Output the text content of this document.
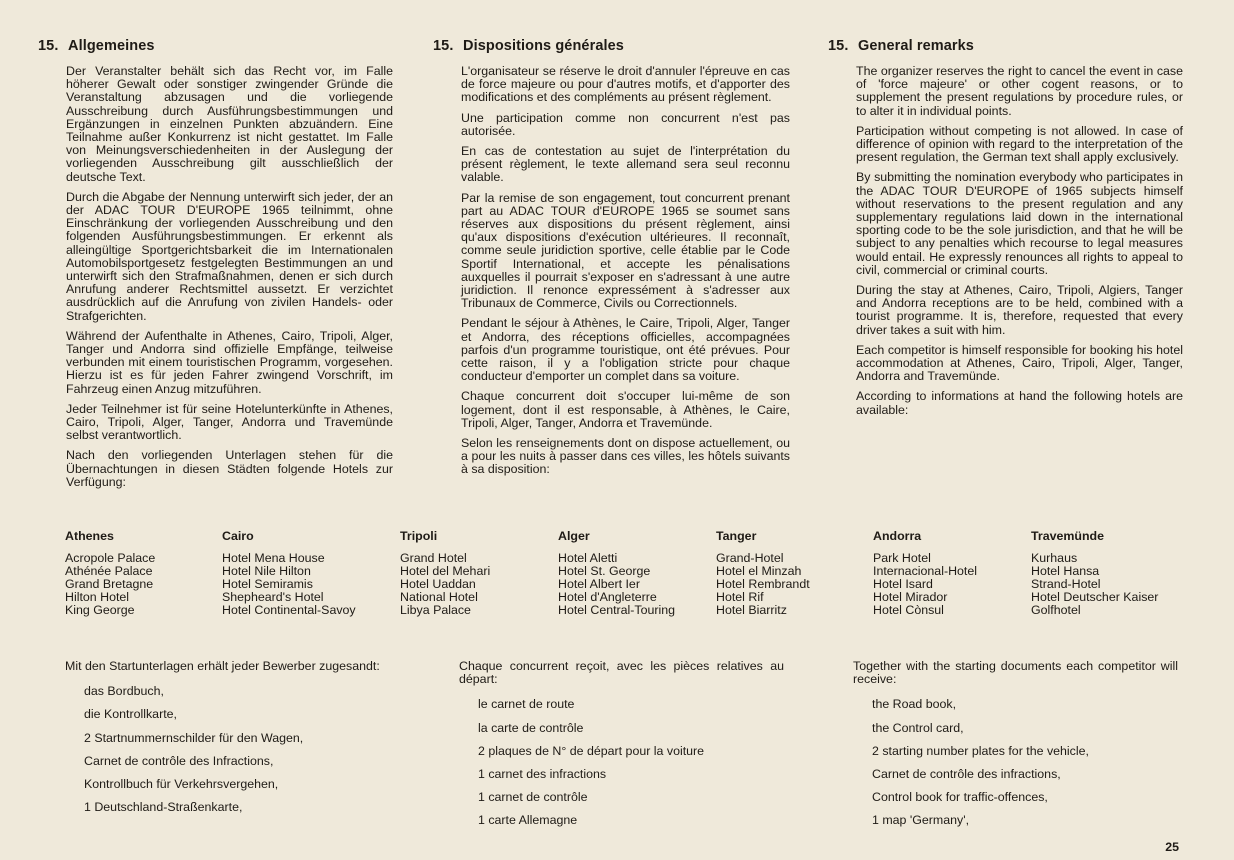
15. Allgemeines

Der Veranstalter behält sich das Recht vor, im Falle höherer Gewalt oder sonstiger zwingender Gründe die Veranstaltung abzusagen und die vorliegende Ausschreibung durch Ausführungsbestimmungen und Ergänzungen in einzelnen Punkten abzuändern. Eine Teilnahme außer Konkurrenz ist nicht gestattet. Im Falle von Meinungsverschiedenheiten in der Auslegung der vorliegenden Ausschreibung gilt ausschließlich der deutsche Text.

Durch die Abgabe der Nennung unterwirft sich jeder, der an der ADAC TOUR D'EUROPE 1965 teilnimmt, ohne Einschränkung der vorliegenden Ausschreibung und den folgenden Ausführungsbestimmungen. Er erkennt als alleingültige Sportgerichtsbarkeit die im Internationalen Automobilsportgesetz festgelegten Bestimmungen an und unterwirft sich den Strafmaßnahmen, denen er sich durch Anrufung anderer Rechtsmittel aussetzt. Er verzichtet ausdrücklich auf die Anrufung von zivilen Handels- oder Strafgerichten.

Während der Aufenthalte in Athenes, Cairo, Tripoli, Alger, Tanger und Andorra sind offizielle Empfänge, teilweise verbunden mit einem touristischen Programm, vorgesehen. Hierzu ist es für jeden Fahrer zwingend Vorschrift, im Fahrzeug einen Anzug mitzuführen.

Jeder Teilnehmer ist für seine Hotelunterkünfte in Athenes, Cairo, Tripoli, Alger, Tanger, Andorra und Travemünde selbst verantwortlich.

Nach den vorliegenden Unterlagen stehen für die Übernachtungen in diesen Städten folgende Hotels zur Verfügung:

15. Dispositions générales

L'organisateur se réserve le droit d'annuler l'épreuve en cas de force majeure ou pour d'autres motifs, et d'apporter des modifications et des compléments au présent règlement.

Une participation comme non concurrent n'est pas autorisée.

En cas de contestation au sujet de l'interprétation du présent règlement, le texte allemand sera seul reconnu valable.

Par la remise de son engagement, tout concurrent prenant part au ADAC TOUR d'EUROPE 1965 se soumet sans réserves aux dispositions du présent règlement, ainsi qu'aux dispositions d'exécution ultérieures. Il reconnaît, comme seule juridiction sportive, celle établie par le Code Sportif International, et accepte les pénalisations auxquelles il pourrait s'exposer en s'adressant à une autre juridiction. Il renonce expressément à s'adresser aux Tribunaux de Commerce, Civils ou Correctionnels.

Pendant le séjour à Athènes, le Caire, Tripoli, Alger, Tanger et Andorra, des réceptions officielles, accompagnées parfois d'un programme touristique, ont été prévues. Pour cette raison, il y a l'obligation stricte pour chaque conducteur d'emporter un complet dans sa voiture.

Chaque concurrent doit s'occuper lui-même de son logement, dont il est responsable, à Athènes, le Caire, Tripoli, Alger, Tanger, Andorra et Travemünde.

Selon les renseignements dont on dispose actuellement, ou a pour les nuits à passer dans ces villes, les hôtels suivants à sa disposition:

15. General remarks

The organizer reserves the right to cancel the event in case of 'force majeure' or other cogent reasons, or to supplement the present regulations by procedure rules, or to alter it in individual points.

Participation without competing is not allowed. In case of difference of opinion with regard to the interpretation of the present regulation, the German text shall apply exclusively.

By submitting the nomination everybody who participates in the ADAC TOUR D'EUROPE of 1965 subjects himself without reservations to the present regulation and any supplementary regulations laid down in the international sporting code to be the sole jurisdiction, and that he will be subject to any penalties which recourse to legal measures would entail. He expressly renounces all rights to appeal to civil, commercial or criminal courts.

During the stay at Athenes, Cairo, Tripoli, Algiers, Tanger and Andorra receptions are to be held, combined with a tourist programme. It is, therefore, requested that every driver takes a suit with him.

Each competitor is himself responsible for booking his hotel accommodation at Athenes, Cairo, Tripoli, Alger, Tanger, Andorra and Travemünde.

According to informations at hand the following hotels are available:

Athenes
Acropole Palace
Athénée Palace
Grand Bretagne
Hilton Hotel
King George
Cairo
Hotel Mena House
Hotel Nile Hilton
Hotel Semiramis
Shepheard's Hotel
Hotel Continental-Savoy
Tripoli
Grand Hotel
Hotel del Mehari
Hotel Uaddan
National Hotel
Libya Palace
Alger
Hotel Aletti
Hotel St. George
Hotel Albert Ier
Hotel d'Angleterre
Hotel Central-Touring
Tanger
Grand-Hotel
Hotel el Minzah
Hotel Rembrandt
Hotel Rif
Hotel Biarritz
Andorra
Park Hotel
Internacional-Hotel
Hotel Isard
Hotel Mirador
Hotel Cònsul
Travemünde
Kurhaus
Hotel Hansa
Strand-Hotel
Hotel Deutscher Kaiser
Golfhotel

Mit den Startunterlagen erhält jeder Bewerber zugesandt:

das Bordbuch,
die Kontrollkarte,
2 Startnummernschilder für den Wagen,
Carnet de contrôle des Infractions,
Kontrollbuch für Verkehrsvergehen,
1 Deutschland-Straßenkarte,

Chaque concurrent reçoit, avec les pièces relatives au départ:

le carnet de route
la carte de contrôle
2 plaques de N° de départ pour la voiture
1 carnet des infractions
1 carnet de contrôle
1 carte Allemagne

Together with the starting documents each competitor will receive:

the Road book,
the Control card,
2 starting number plates for the vehicle,
Carnet de contrôle des infractions,
Control book for traffic-offences,
1 map 'Germany',
25
